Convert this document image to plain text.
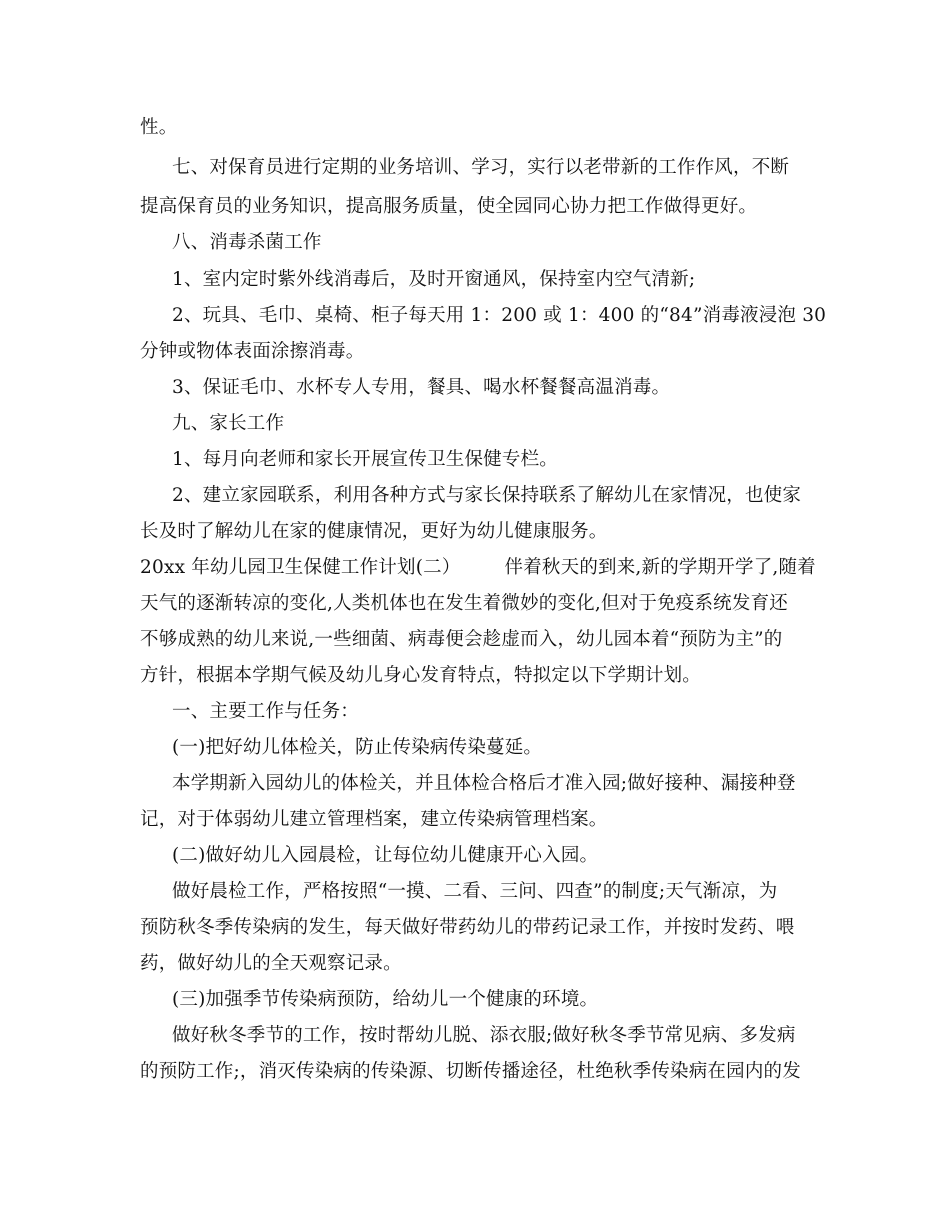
性。
七、对保育员进行定期的业务培训、学习，实行以老带新的工作作风，不断
提高保育员的业务知识，提高服务质量，使全园同心协力把工作做得更好。
八、消毒杀菌工作
1、室内定时紫外线消毒后，及时开窗通风，保持室内空气清新;
2、玩具、毛巾、桌椅、柜子每天用 1：200 或 1：400 的“84”消毒液浸泡 30
分钟或物体表面涂擦消毒。
3、保证毛巾、水杯专人专用，餐具、喝水杯餐餐高温消毒。
九、家长工作
1、每月向老师和家长开展宣传卫生保健专栏。
2、建立家园联系，利用各种方式与家长保持联系了解幼儿在家情况，也使家
长及时了解幼儿在家的健康情况，更好为幼儿健康服务。
20xx 年幼儿园卫生保健工作计划(二） 伴着秋天的到来,新的学期开学了,随着
天气的逐渐转凉的变化,人类机体也在发生着微妙的变化,但对于免疫系统发育还
不够成熟的幼儿来说,一些细菌、病毒便会趁虚而入，幼儿园本着“预防为主”的
方针，根据本学期气候及幼儿身心发育特点，特拟定以下学期计划。
一、主要工作与任务：
(一)把好幼儿体检关，防止传染病传染蔓延。
本学期新入园幼儿的体检关，并且体检合格后才准入园;做好接种、漏接种登
记，对于体弱幼儿建立管理档案，建立传染病管理档案。
(二)做好幼儿入园晨检，让每位幼儿健康开心入园。
做好晨检工作，严格按照“一摸、二看、三问、四查”的制度;天气渐凉，为
预防秋冬季传染病的发生，每天做好带药幼儿的带药记录工作，并按时发药、喂
药，做好幼儿的全天观察记录。
(三)加强季节传染病预防，给幼儿一个健康的环境。
做好秋冬季节的工作，按时帮幼儿脱、添衣服;做好秋冬季节常见病、多发病
的预防工作;，消灭传染病的传染源、切断传播途径，杜绝秋季传染病在园内的发
